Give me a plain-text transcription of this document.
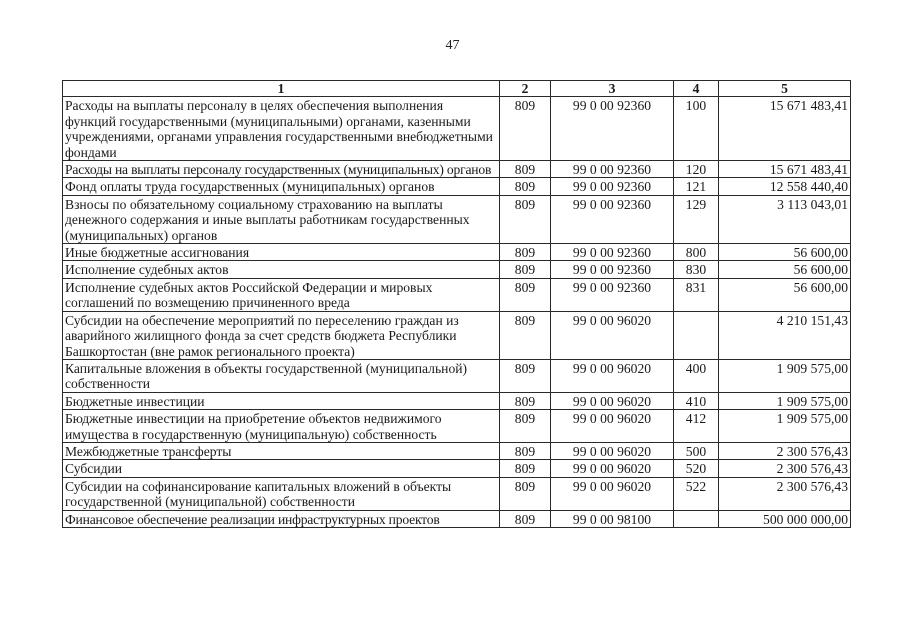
47
1	2	3	4	5
Расходы на выплаты персоналу в целях обеспечения выполнения функций государственными (муниципальными) органами, казенными учреждениями, органами управления государственными внебюджетными фондами	809	99 0 00 92360	100	15 671 483,41
Расходы на выплаты персоналу государственных (муниципальных) органов	809	99 0 00 92360	120	15 671 483,41
Фонд оплаты труда государственных (муниципальных) органов	809	99 0 00 92360	121	12 558 440,40
Взносы по обязательному социальному страхованию на выплаты денежного содержания и иные выплаты работникам государственных (муниципальных) органов	809	99 0 00 92360	129	3 113 043,01
Иные бюджетные ассигнования	809	99 0 00 92360	800	56 600,00
Исполнение судебных актов	809	99 0 00 92360	830	56 600,00
Исполнение судебных актов Российской Федерации и мировых соглашений по возмещению причиненного вреда	809	99 0 00 92360	831	56 600,00
Субсидии на обеспечение мероприятий по переселению граждан из аварийного жилищного фонда за счет средств бюджета Республики Башкортостан (вне рамок регионального проекта)	809	99 0 00 96020		4 210 151,43
Капитальные вложения в объекты государственной (муниципальной) собственности	809	99 0 00 96020	400	1 909 575,00
Бюджетные инвестиции	809	99 0 00 96020	410	1 909 575,00
Бюджетные инвестиции на приобретение объектов недвижимого имущества в государственную (муниципальную) собственность	809	99 0 00 96020	412	1 909 575,00
Межбюджетные трансферты	809	99 0 00 96020	500	2 300 576,43
Субсидии	809	99 0 00 96020	520	2 300 576,43
Субсидии на софинансирование капитальных вложений в объекты государственной (муниципальной) собственности	809	99 0 00 96020	522	2 300 576,43
Финансовое обеспечение реализации инфраструктурных проектов	809	99 0 00 98100		500 000 000,00
